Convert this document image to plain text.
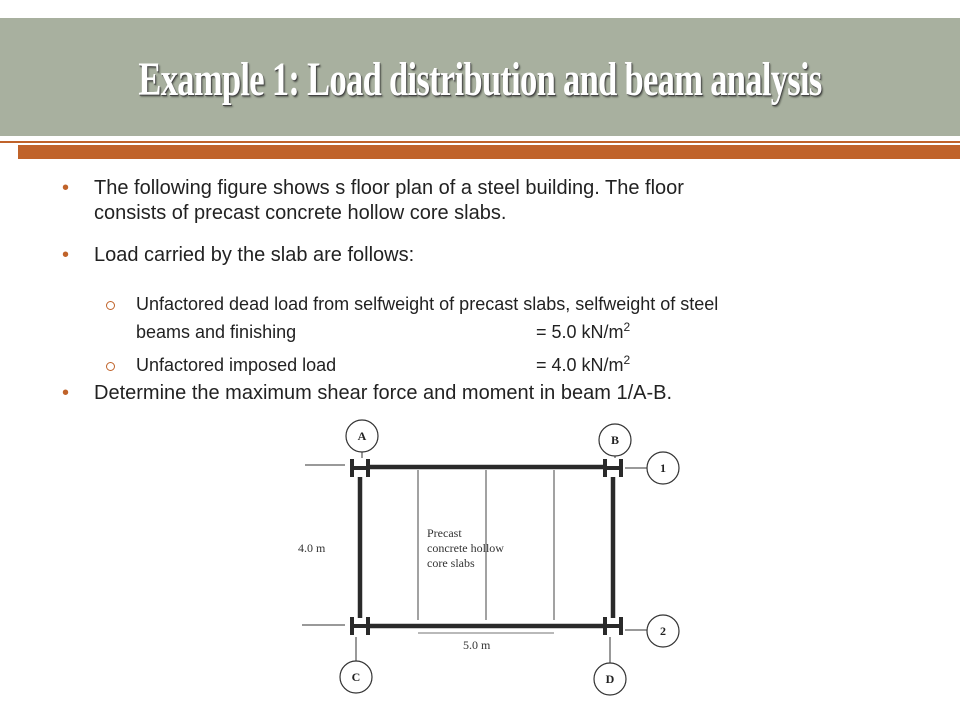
Example 1: Load distribution and beam analysis
• The following figure shows s floor plan of a steel building. The floor
consists of precast concrete hollow core slabs.
• Load carried by the slab are follows:
Unfactored dead load from selfweight of precast slabs, selfweight of steel
beams and finishing	= 5.0 $kN/m^2$
Unfactored imposed load	= 4.0 $kN/m^2$
• Determine the maximum shear force and moment in beam 1/A-B.
A	B
1
2
C	D
4.0 m
5.0 m
Precast
concrete hollow
core slabs
